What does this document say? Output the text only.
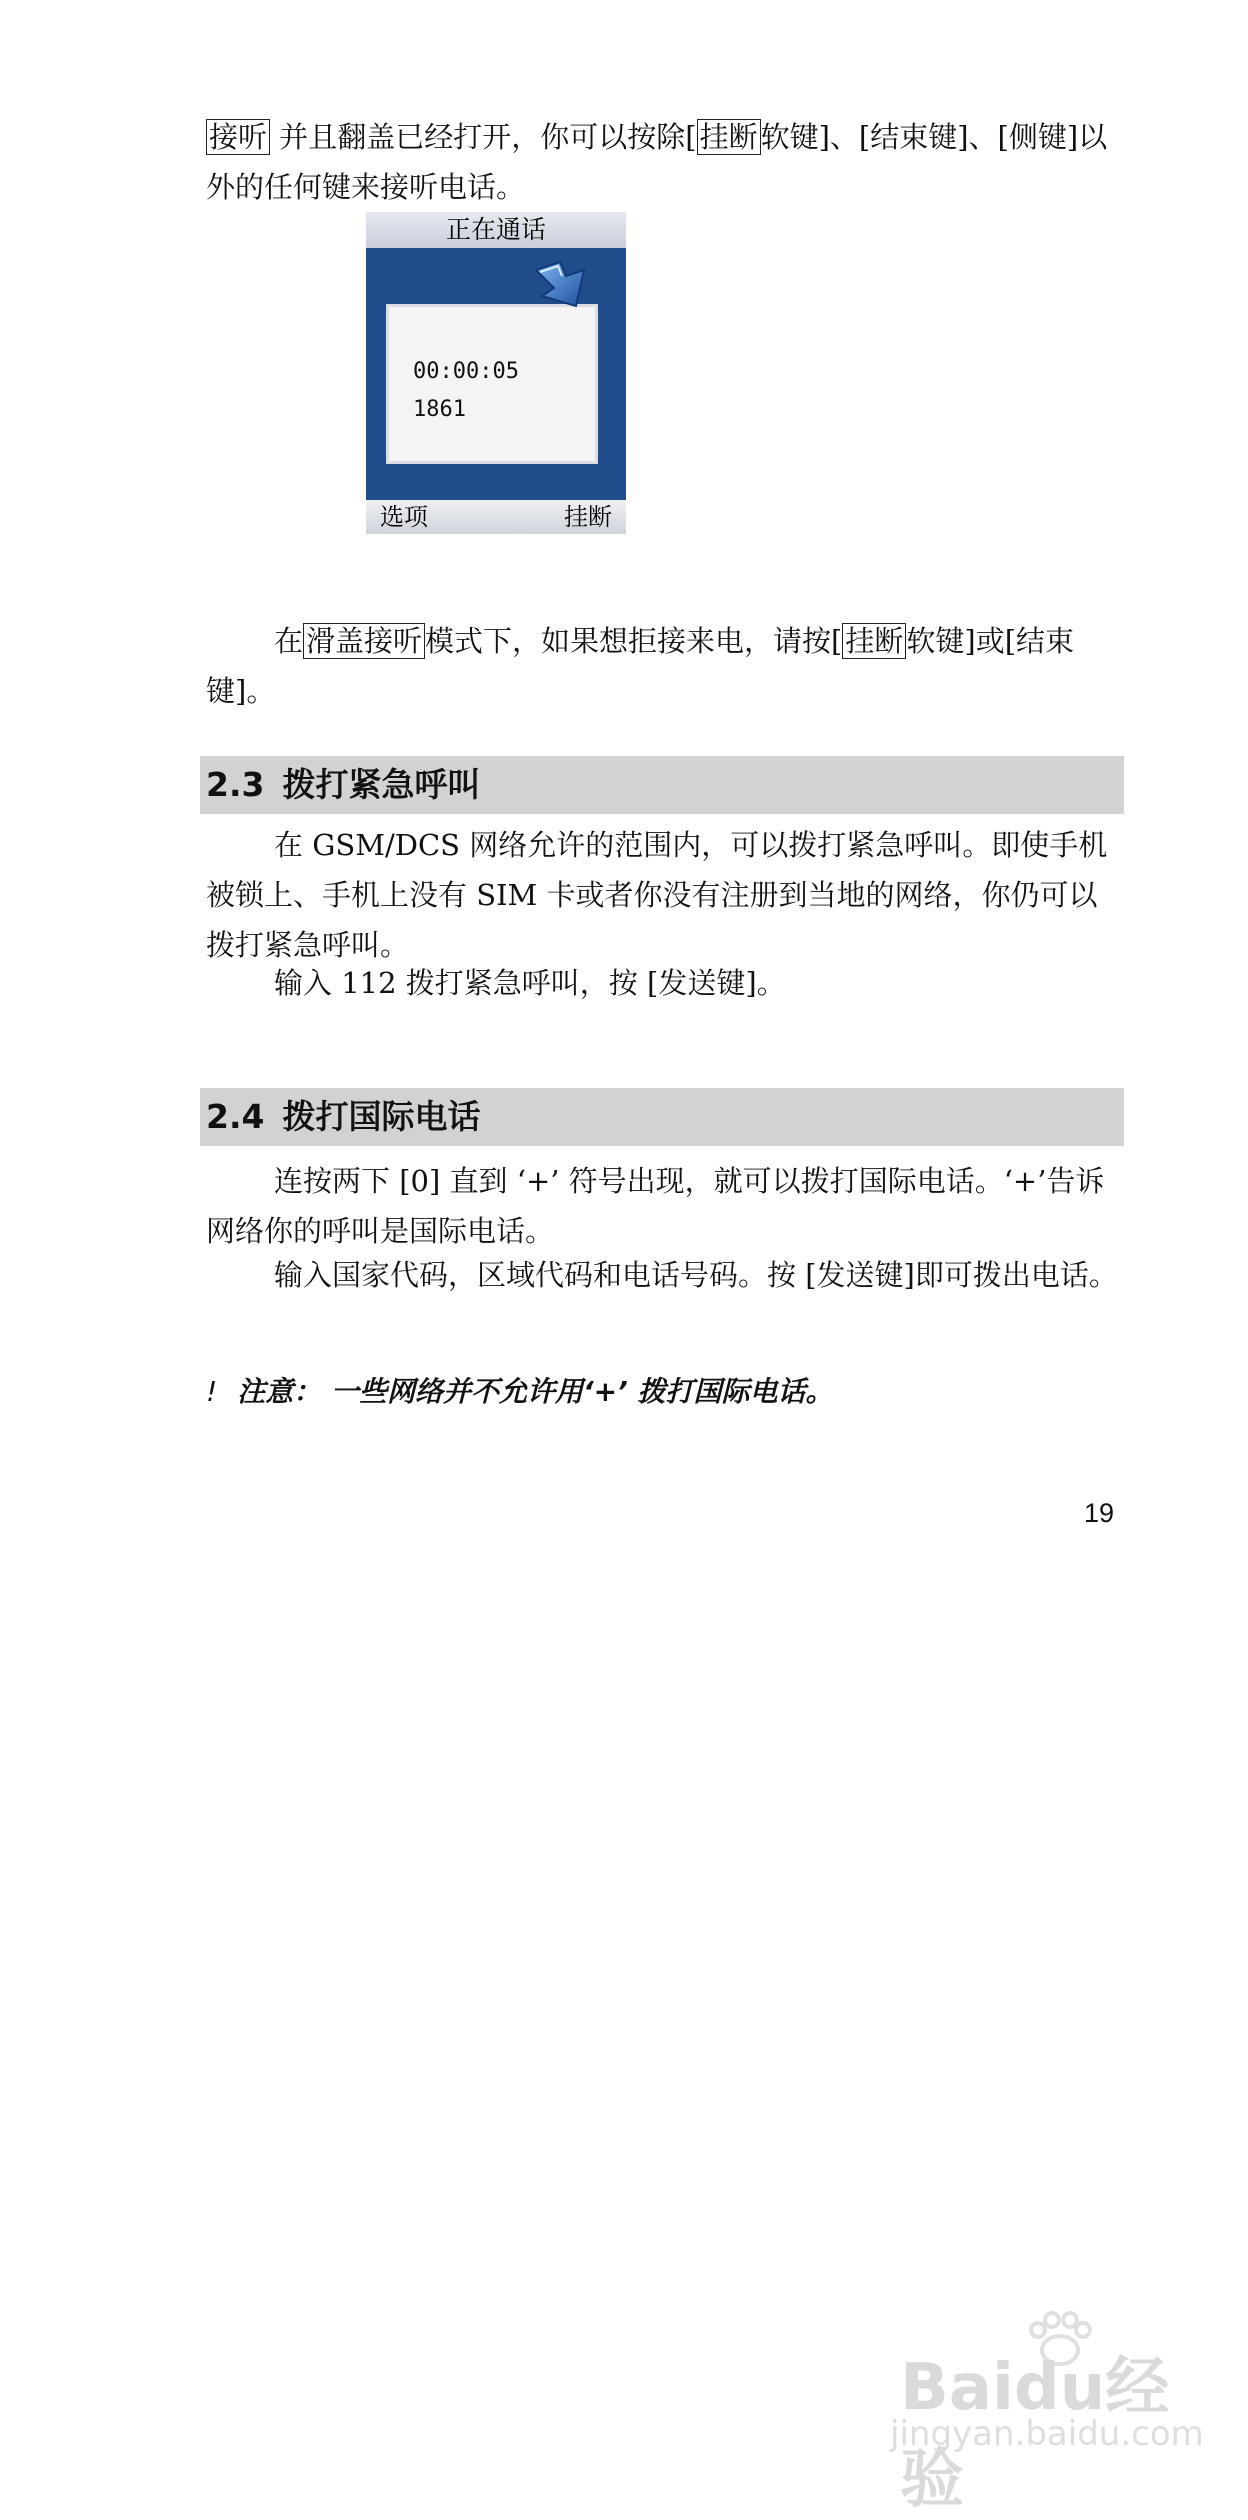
接听 并且翻盖已经打开，你可以按除[ 挂断 软键]、[结束键]、[侧键]以外的任何键来接听电话。
正在通话
00:00:05
1861
选项	挂断
在 滑盖接听 模式下，如果想拒接来电，请按[ 挂断 软键]或[结束键]。
2.3 拨打紧急呼叫
在 GSM/DCS 网络允许的范围内，可以拨打紧急呼叫。即使手机被锁上、手机上没有 SIM 卡或者你没有注册到当地的网络，你仍可以拨打紧急呼叫。
输入 112 拨打紧急呼叫，按 [发送键]。
2.4 拨打国际电话
连按两下 [0] 直到 ‘+’ 符号出现，就可以拨打国际电话。‘+’告诉网络你的呼叫是国际电话。
输入国家代码，区域代码和电话号码。按 [发送键]即可拨出电话。
! 注意： 一些网络并不允许用‘+’ 拨打国际电话。
19
Baidu经验
jingyan.baidu.com
